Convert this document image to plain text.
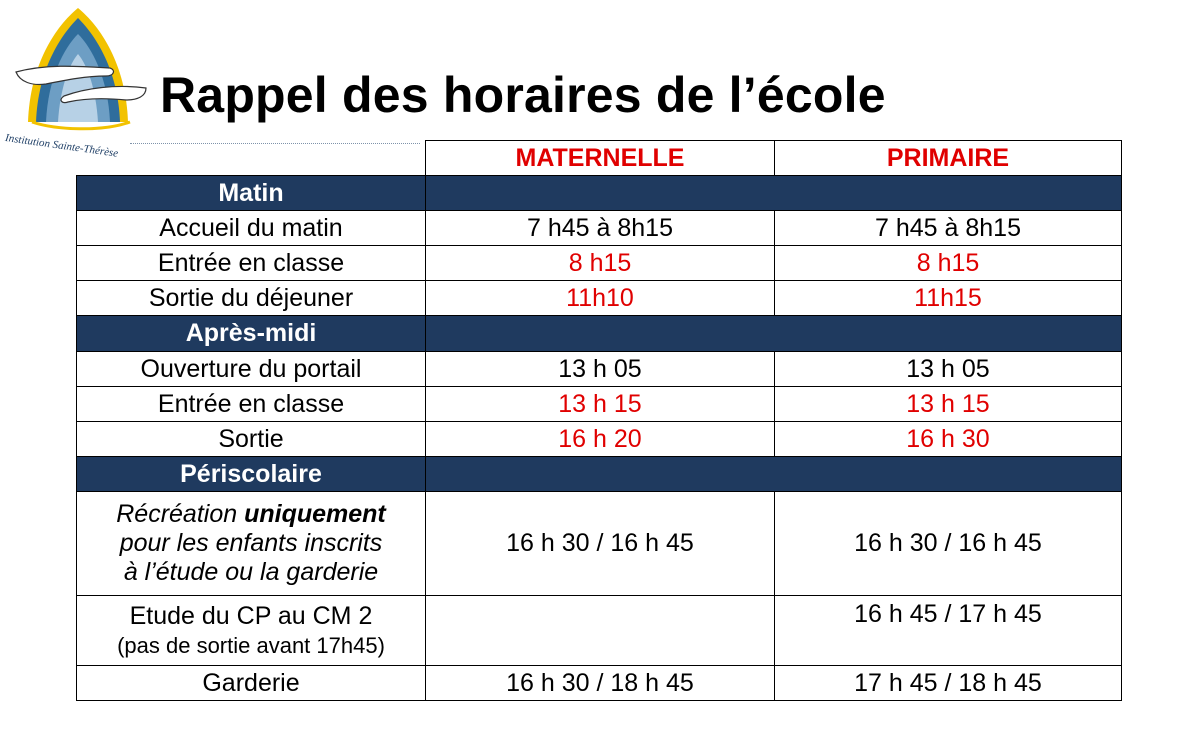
Institution Sainte-Thérèse
Rappel des horaires de l’école
	MATERNELLE	PRIMAIRE
Matin		
Accueil du matin	7 h45 à 8h15	7 h45 à 8h15
Entrée en classe	8 h15	8 h15
Sortie du déjeuner	11h10	11h15
Après-midi		
Ouverture du portail	13 h 05	13 h 05
Entrée en classe	13 h 15	13 h 15
Sortie	16 h 20	16 h 30
Périscolaire		
Récréation uniquement
pour les enfants inscrits
à l’étude ou la garderie	16 h 30 / 16 h 45	16 h 30 / 16 h 45
Etude du CP au CM 2
(pas de sortie avant 17h45)		16 h 45 / 17 h 45
Garderie	16 h 30 / 18 h 45	17 h 45 / 18 h 45
